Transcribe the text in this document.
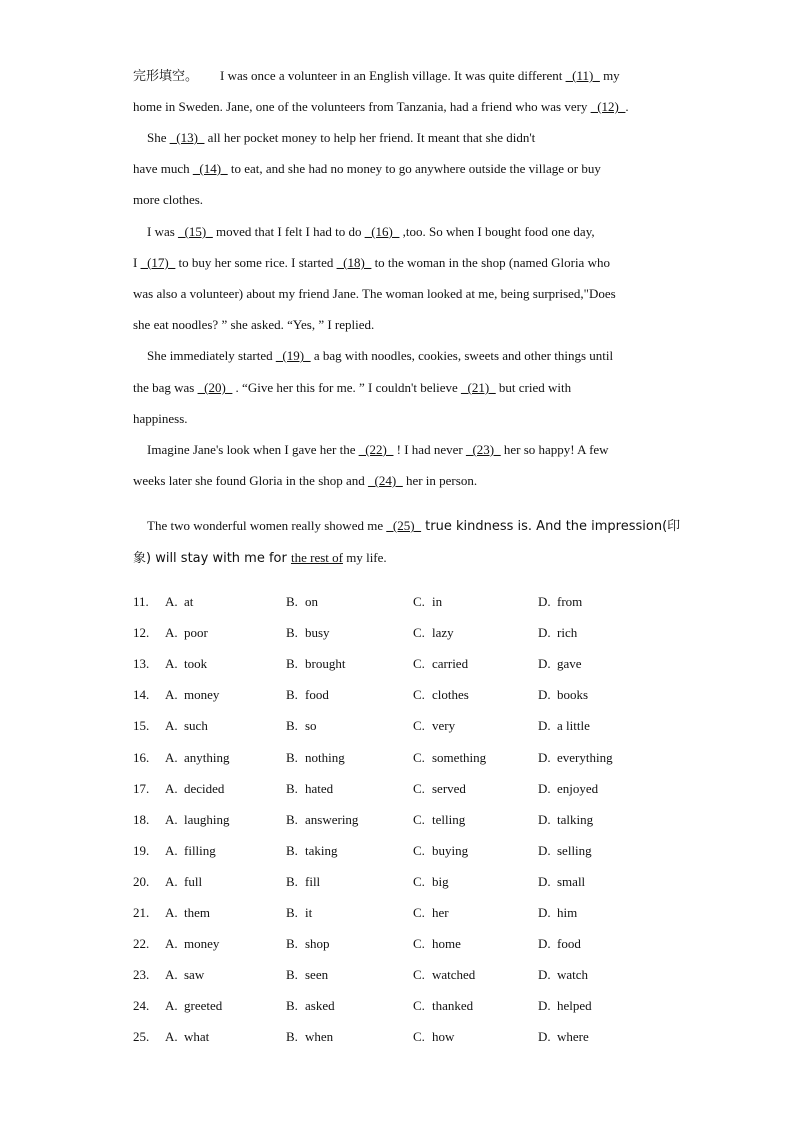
完形填空。 I was once a volunteer in an English village. It was quite different _(11)_ my
home in Sweden. Jane, one of the volunteers from Tanzania, had a friend who was very _(12)_.
She _(13)_ all her pocket money to help her friend. It meant that she didn't
have much _(14)_ to eat, and she had no money to go anywhere outside the village or buy
more clothes.
I was _(15)_ moved that I felt I had to do _(16)_ ,too. So when I bought food one day,
I _(17)_ to buy her some rice. I started _(18)_ to the woman in the shop (named Gloria who
was also a volunteer) about my friend Jane. The woman looked at me, being surprised,"Does
she eat noodles? ” she asked. “Yes, ” I replied.
She immediately started _(19)_ a bag with noodles, cookies, sweets and other things until
the bag was _(20)_ . “Give her this for me. ” I couldn't believe _(21)_ but cried with
happiness.
Imagine Jane's look when I gave her the _(22)_ ! I had never _(23)_ her so happy! A few
weeks later she found Gloria in the shop and _(24)_ her in person.
The two wonderful women really showed me _(25)_ true kindness is. And the impression(印
象) will stay with me for the rest of my life.
11. A. at	B. on	C. in	D. from
12. A. poor	B. busy	C. lazy	D. rich
13. A. took	B. brought	C. carried	D. gave
14. A. money	B. food	C. clothes	D. books
15. A. such	B. so	C. very	D. a little
16. A. anything	B. nothing	C. something	D. everything
17. A. decided	B. hated	C. served	D. enjoyed
18. A. laughing	B. answering	C. telling	D. talking
19. A. filling	B. taking	C. buying	D. selling
20. A. full	B. fill	C. big	D. small
21. A. them	B. it	C. her	D. him
22. A. money	B. shop	C. home	D. food
23. A. saw	B. seen	C. watched	D. watch
24. A. greeted	B. asked	C. thanked	D. helped
25. A. what	B. when	C. how	D. where
